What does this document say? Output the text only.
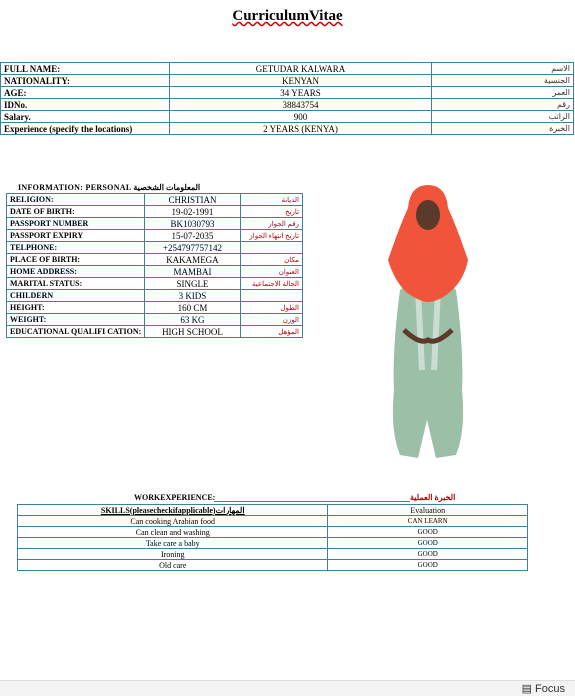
CurriculumVitae
FULL NAME:	GETUDAR KALWARA	الاسم
NATIONALITY:	KENYAN	الجنسية
AGE:	34 YEARS	العمر
IDNo.	38843754	رقم
Salary.	900	الراتب
Experience (specify the locations)	2 YEARS (KENYA)	الخبرة
INFORMATION: PERSONAL المعلومات الشخصية
RELIGION:	CHRISTIAN	الديانة
DATE OF BIRTH:	19-02-1991	تاريخ
PASSPORT NUMBER	BK1030793	رقم الجواز
PASSPORT EXPIRY	15-07-2035	تاريخ انتهاء الجواز
TELPHONE:	+254797757142	
PLACE OF BIRTH:	KAKAMEGA	مكان
HOME ADDRESS:	MAMBAI	العنوان
MARITAL STATUS:	SINGLE	الحالة الاجتماعية
CHILDERN	3 KIDS	
HEIGHT:	160 CM	الطول
WEIGHT:	63 KG	الوزن
EDUCATIONAL QUALIFI CATION:	HIGH SCHOOL	المؤهل
WORKEXPERIENCE:	الخبرة العملية
SKILLS(pleasecheckifapplicable)المهارات	Evaluation
Can cooking Arabian food	CAN LEARN
Can clean and washing	GOOD
Take care a baby	GOOD
Ironing	GOOD
Old care	GOOD
▤ Focus
